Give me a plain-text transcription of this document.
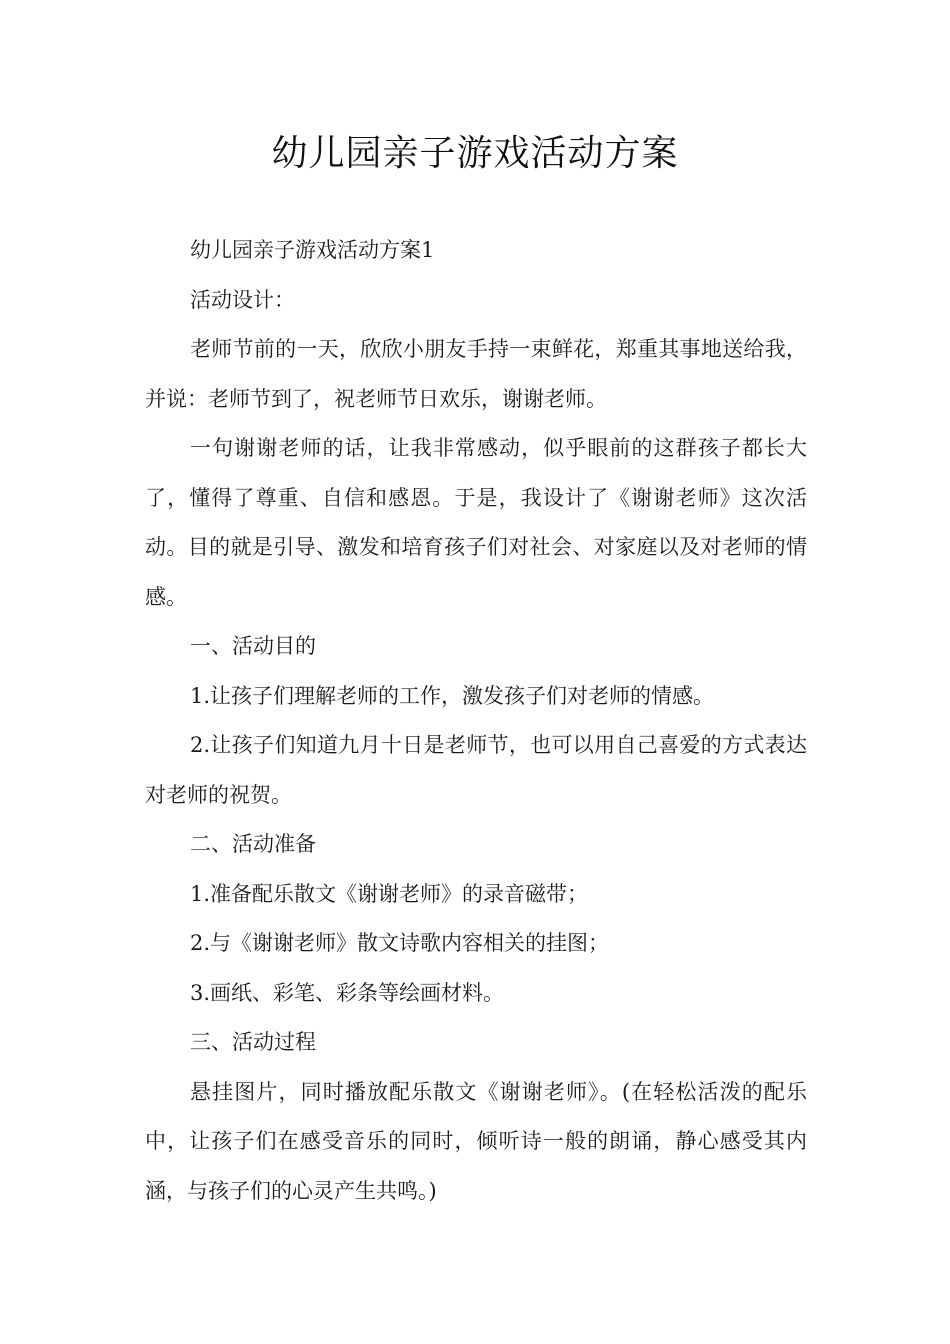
幼儿园亲子游戏活动方案

幼儿园亲子游戏活动方案1

活动设计：

老师节前的一天，欣欣小朋友手持一束鲜花，郑重其事地送给我，并说：老师节到了，祝老师节日欢乐，谢谢老师。

一句谢谢老师的话，让我非常感动，似乎眼前的这群孩子都长大了，懂得了尊重、自信和感恩。于是，我设计了《谢谢老师》这次活动。目的就是引导、激发和培育孩子们对社会、对家庭以及对老师的情感。

一、活动目的

1.让孩子们理解老师的工作，激发孩子们对老师的情感。

2.让孩子们知道九月十日是老师节，也可以用自己喜爱的方式表达对老师的祝贺。

二、活动准备

1.准备配乐散文《谢谢老师》的录音磁带；

2.与《谢谢老师》散文诗歌内容相关的挂图；

3.画纸、彩笔、彩条等绘画材料。

三、活动过程

悬挂图片，同时播放配乐散文《谢谢老师》。(在轻松活泼的配乐中，让孩子们在感受音乐的同时，倾听诗一般的朗诵，静心感受其内涵，与孩子们的心灵产生共鸣。)
